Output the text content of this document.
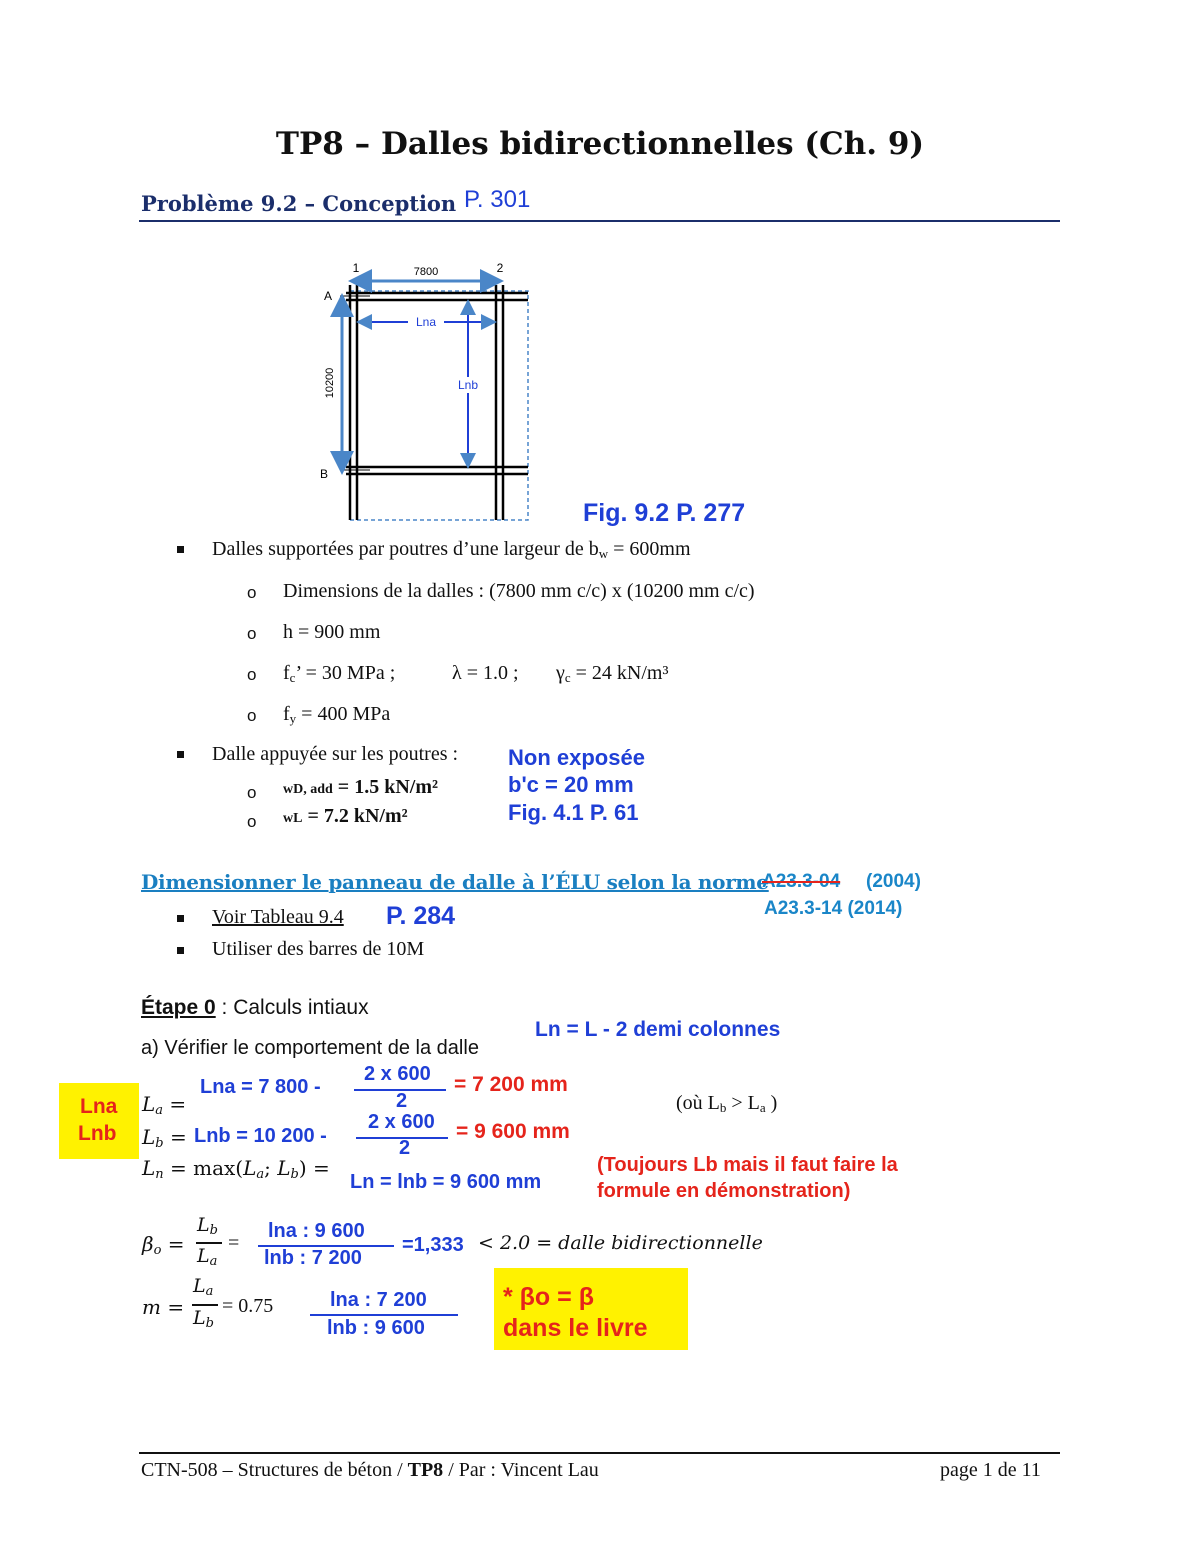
TP8 – Dalles bidirectionnelles (Ch. 9)
Problème 9.2 – Conception P. 301
7800
1	2
A
B
10200
Lna
Lnb
Fig. 9.2 P. 277
Dalles supportées par poutres d’une largeur de $b_w = 600mm$
o Dimensions de la dalles : (7800 mm c/c) x (10200 mm c/c)
o h = 900 mm
o $f_c$’ = 30 MPa ;	λ = 1.0 ; $\gamma_c = 24$ kN/m³
o $f_y = 400$ MPa
Dalle appuyée sur les poutres : Non exposée
o wD, add = 1.5 kN/m²	b'c = 20 mm
o wL = 7.2 kN/m²	Fig. 4.1 P. 61
Dimensionner le panneau de dalle à l’ÉLU selon la norme
A23.3-04 (2004)
A23.3-14 (2014)
Voir Tableau 9.4 P. 284
Utiliser des barres de 10M
Étape 0 : Calculs intiaux
Ln = L - 2 demi colonnes
a) Vérifier le comportement de la dalle
Lna
Lnb
$L_a$ =
Lna = 7 800 -
2 x 600
2
= 7 200 mm
(où $L_b > L_a$ )
$L_b$ = Lnb = 10 200 -
2 x 600
2
= 9 600 mm
$L_n = \max(L_a$; $L_b$) =
Ln = lnb = 9 600 mm
(Toujours Lb mais il faut faire la
formule en démonstration)
$\beta_o$ =
$L_b$
$L_a$
=
lna : 9 600
lnb : 7 200
=1,333 < 2.0 = dalle bidirectionnelle
m =
$L_a$
$L_b$
= 0.75	lna : 7 200
lnb : 9 600
* βo = β
dans le livre
CTN-508 – Structures de béton / TP8 / Par : Vincent Lau	page 1 de 11
